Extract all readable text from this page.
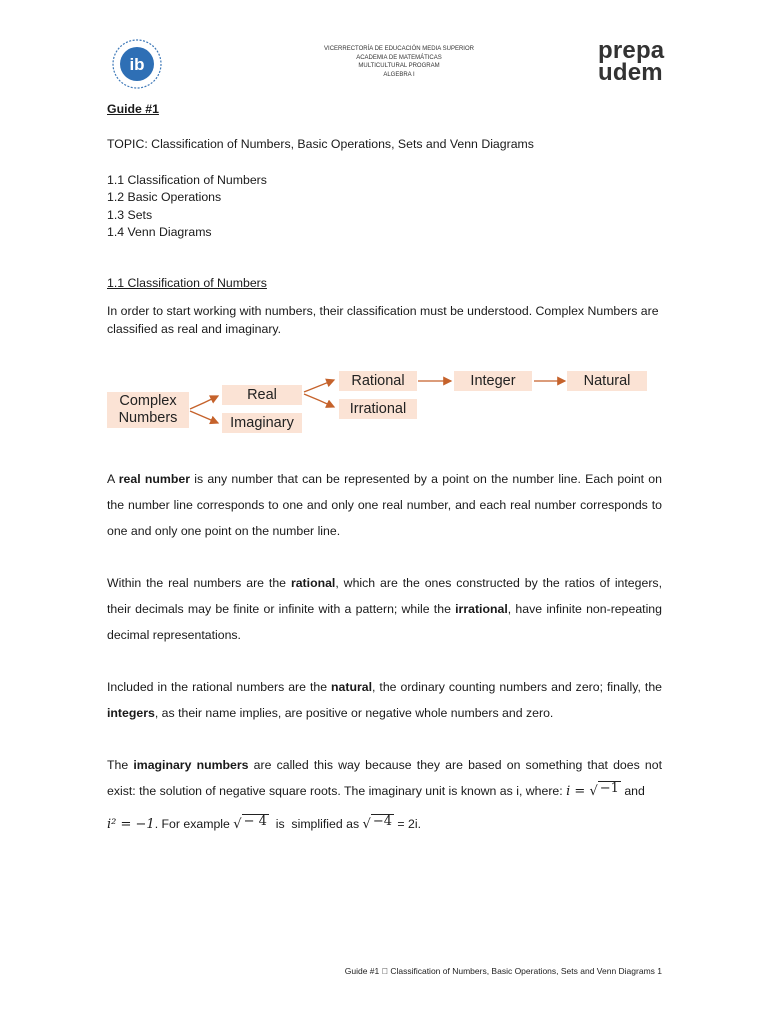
ib
VICERRECTORÍA DE EDUCACIÓN MEDIA SUPERIOR
ACADEMIA DE MATEMÁTICAS
MULTICULTURAL PROGRAM
ALGEBRA I
prepa
udem
Guide #1
TOPIC: Classification of Numbers, Basic Operations, Sets and Venn Diagrams
1.1 Classification of Numbers
1.2 Basic Operations
1.3 Sets
1.4 Venn Diagrams
1.1 Classification of Numbers
In order to start working with numbers, their classification must be understood. Complex Numbers are classified as real and imaginary.
Complex Numbers
Real
Imaginary
Rational
Irrational
Integer	Natural

A real number is any number that can be represented by a point on the number line. Each point on the number line corresponds to one and only one real number, and each real number corresponds to one and only one point on the number line.

Within the real numbers are the rational, which are the ones constructed by the ratios of integers, their decimals may be finite or infinite with a pattern; while the irrational, have infinite non-repeating decimal representations.

Included in the rational numbers are the natural, the ordinary counting numbers and zero; finally, the integers, as their name implies, are positive or negative whole numbers and zero.

The imaginary numbers are called this way because they are based on something that does not exist: the solution of negative square roots. The imaginary unit is known as i, where: i = √ −1 and
i² = −1. For example √ − 4 is  simplified as √ −4 = 2i.

Guide #1   Classification of Numbers, Basic Operations, Sets and Venn Diagrams 1
